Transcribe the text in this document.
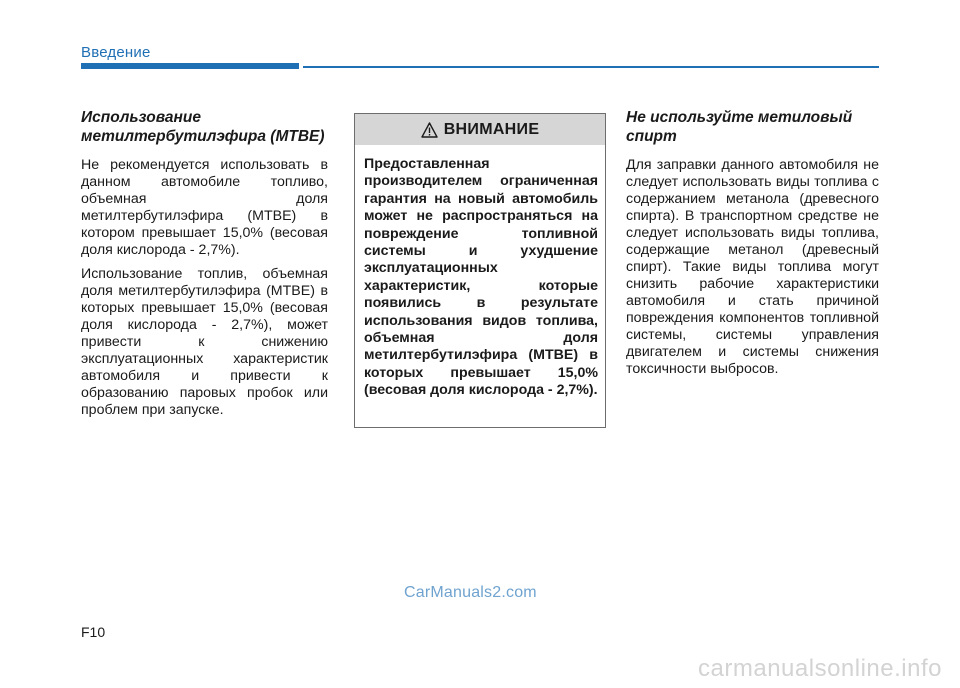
Введение
Использование метилтербутилэфира (MTBE)

Не рекомендуется использовать в данном автомобиле топливо, объемная доля метилтербутилэфира (MTBE) в котором превышает 15,0% (весовая доля кислорода - 2,7%).

Использование топлив, объемная доля метилтербутилэфира (MTBE) в которых превышает 15,0% (весовая доля кислорода - 2,7%), может привести к снижению эксплуатационных характеристик автомобиля и привести к образованию паровых пробок или проблем при запуске.

ВНИМАНИЕ
Предоставленная производителем ограниченная гарантия на новый автомобиль может не распространяться на повреждение топливной системы и ухудшение эксплуатационных характеристик, которые появились в результате использования видов топлива, объемная доля метилтербутилэфира (MTBE) в которых превышает 15,0% (весовая доля кислорода - 2,7%).
Не используйте метиловый спирт

Для заправки данного автомобиля не следует использовать виды топлива с содержанием метанола (древесного спирта). В транспортном средстве не следует использовать виды топлива, содержащие метанол (древесный спирт). Такие виды топлива могут снизить рабочие характеристики автомобиля и стать причиной повреждения компонентов топливной системы, системы управления двигателем и системы снижения токсичности выбросов.

CarManuals2.com
F10
carmanualsonline.info
